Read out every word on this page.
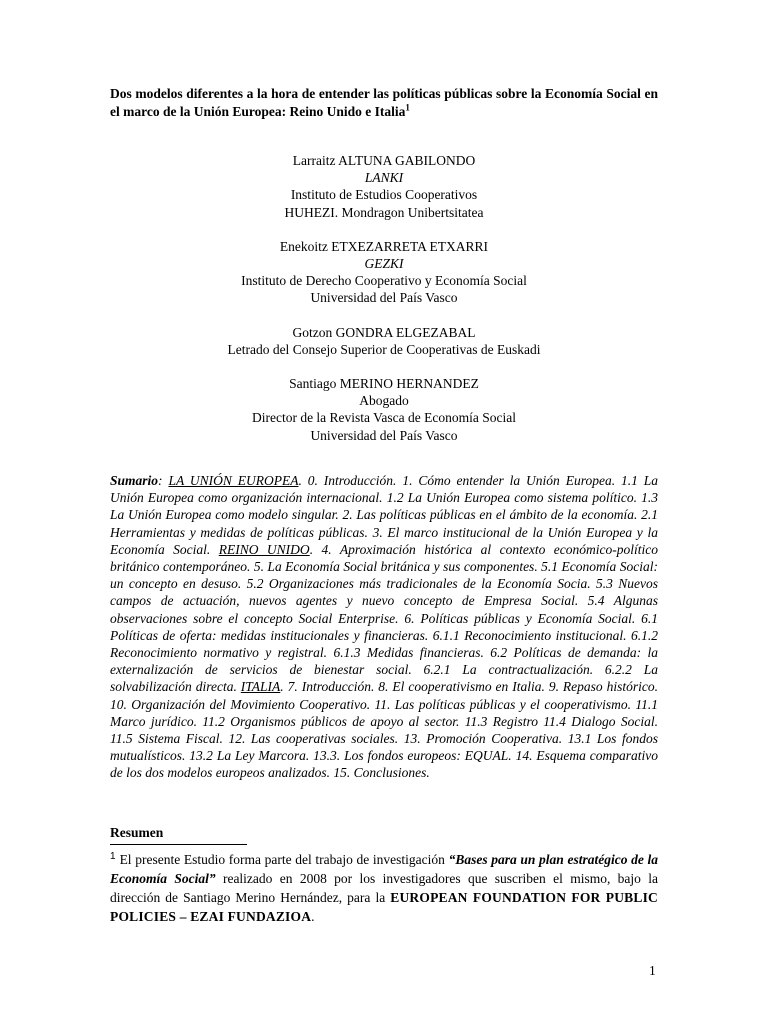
Dos modelos diferentes a la hora de entender las políticas públicas sobre la Economía Social en el marco de la Unión Europea: Reino Unido e Italia$^1$

Larraitz ALTUNA GABILONDO
LANKI
Instituto de Estudios Cooperativos
HUHEZI. Mondragon Unibertsitatea
Enekoitz ETXEZARRETA ETXARRI
GEZKI
Instituto de Derecho Cooperativo y Economía Social
Universidad del País Vasco
Gotzon GONDRA ELGEZABAL
Letrado del Consejo Superior de Cooperativas de Euskadi
Santiago MERINO HERNANDEZ
Abogado
Director de la Revista Vasca de Economía Social
Universidad del País Vasco

Sumario: LA UNIÓN EUROPEA. 0. Introducción. 1. Cómo entender la Unión Europea. 1.1 La Unión Europea como organización internacional. 1.2 La Unión Europea como sistema político. 1.3 La Unión Europea como modelo singular. 2. Las políticas públicas en el ámbito de la economía. 2.1 Herramientas y medidas de políticas públicas. 3. El marco institucional de la Unión Europea y la Economía Social. REINO UNIDO. 4. Aproximación histórica al contexto económico-político británico contemporáneo. 5. La Economía Social británica y sus componentes. 5.1 Economía Social: un concepto en desuso. 5.2 Organizaciones más tradicionales de la Economía Socia. 5.3 Nuevos campos de actuación, nuevos agentes y nuevo concepto de Empresa Social. 5.4 Algunas observaciones sobre el concepto Social Enterprise. 6. Políticas públicas y Economía Social. 6.1 Políticas de oferta: medidas institucionales y financieras. 6.1.1 Reconocimiento institucional. 6.1.2 Reconocimiento normativo y registral. 6.1.3 Medidas financieras. 6.2 Políticas de demanda: la externalización de servicios de bienestar social. 6.2.1 La contractualización. 6.2.2 La solvabilización directa. ITALIA. 7. Introducción. 8. El cooperativismo en Italia. 9. Repaso histórico. 10. Organización del Movimiento Cooperativo. 11. Las políticas públicas y el cooperativismo. 11.1 Marco jurídico. 11.2 Organismos públicos de apoyo al sector. 11.3 Registro 11.4 Dialogo Social. 11.5 Sistema Fiscal. 12. Las cooperativas sociales. 13. Promoción Cooperativa. 13.1 Los fondos mutualísticos. 13.2 La Ley Marcora. 13.3. Los fondos europeos: EQUAL. 14. Esquema comparativo de los dos modelos europeos analizados. 15. Conclusiones.

Resumen

$^1$ El presente Estudio forma parte del trabajo de investigación “Bases para un plan estratégico de la Economía Social” realizado en 2008 por los investigadores que suscriben el mismo, bajo la dirección de Santiago Merino Hernández, para la EUROPEAN FOUNDATION FOR PUBLIC POLICIES – EZAI FUNDAZIOA.

1
